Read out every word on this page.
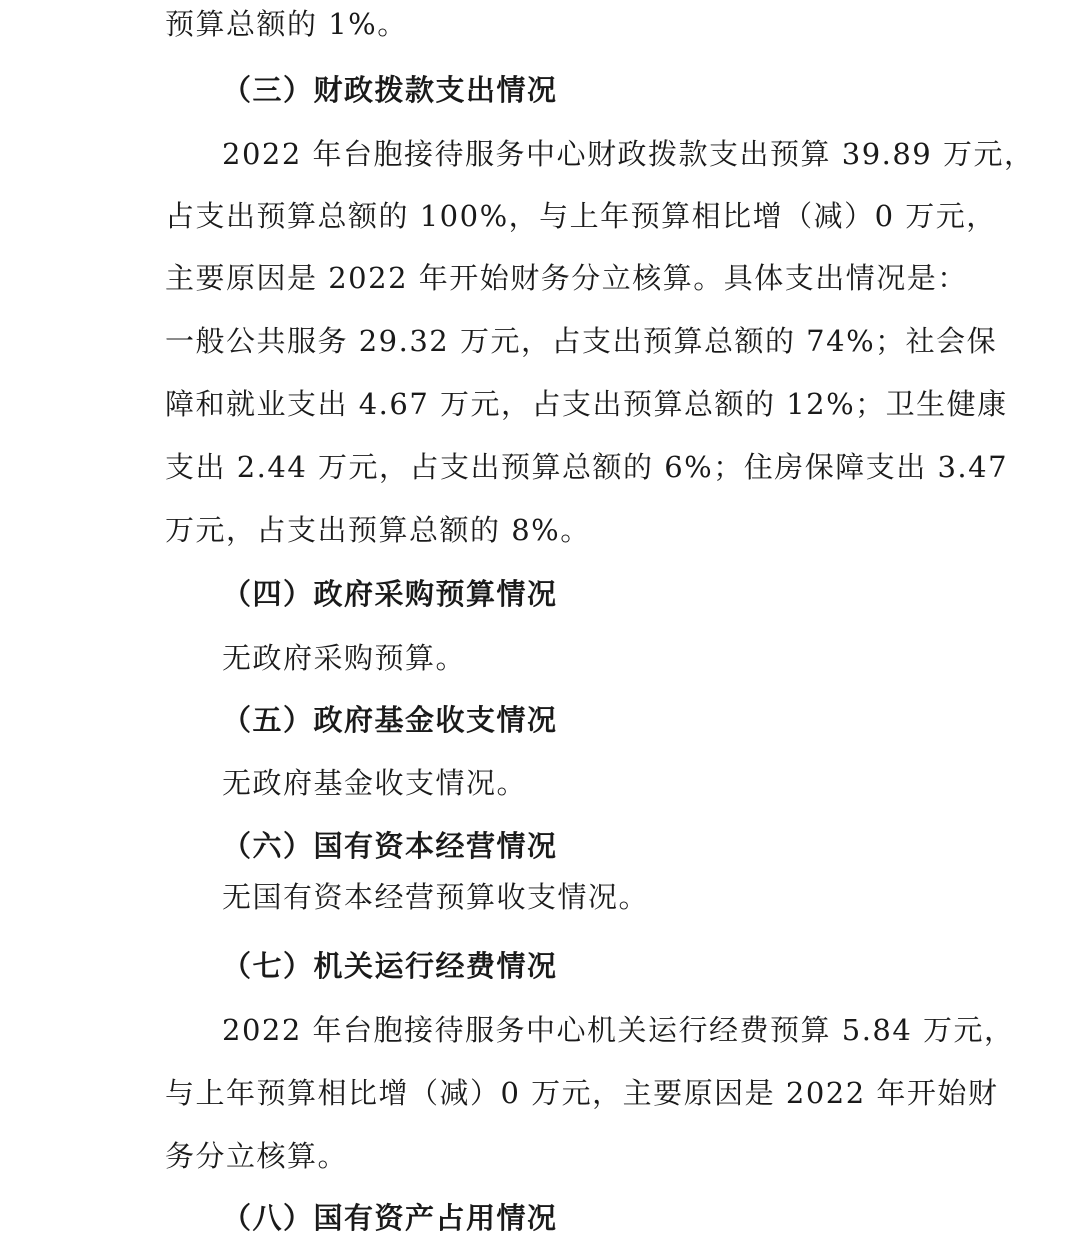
预算总额的 1%。
（三）财政拨款支出情况
2022 年台胞接待服务中心财政拨款支出预算 39.89 万元，
占支出预算总额的 100%，与上年预算相比增（减）0 万元，
主要原因是 2022 年开始财务分立核算。具体支出情况是：
一般公共服务 29.32 万元，占支出预算总额的 74%；社会保
障和就业支出 4.67 万元，占支出预算总额的 12%；卫生健康
支出 2.44 万元，占支出预算总额的 6%；住房保障支出 3.47
万元，占支出预算总额的 8%。
（四）政府采购预算情况
无政府采购预算。
（五）政府基金收支情况
无政府基金收支情况。
（六）国有资本经营情况
无国有资本经营预算收支情况。
（七）机关运行经费情况
2022 年台胞接待服务中心机关运行经费预算 5.84 万元，
与上年预算相比增（减）0 万元，主要原因是 2022 年开始财
务分立核算。
（八）国有资产占用情况
